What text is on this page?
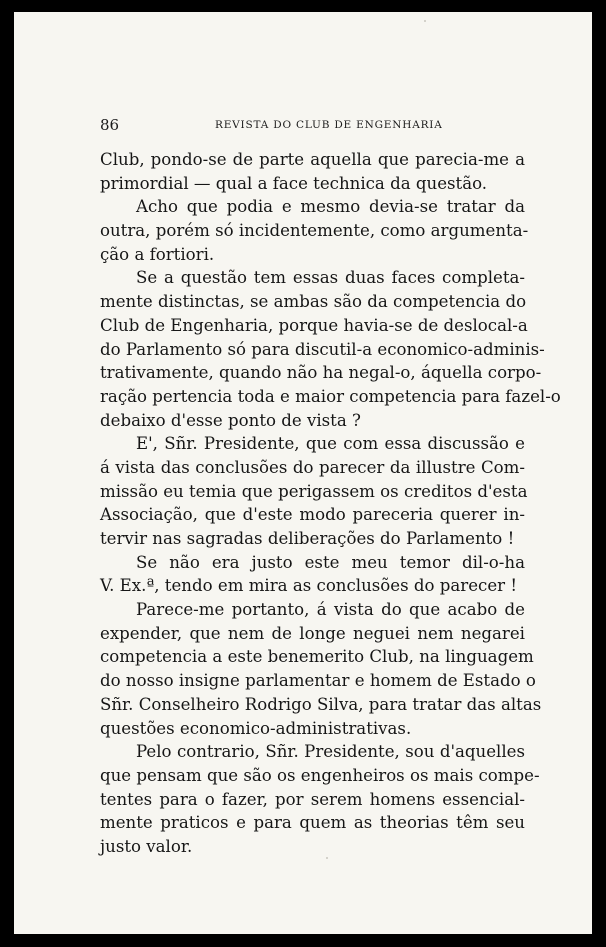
86	REVISTA DO CLUB DE ENGENHARIA
Club, pondo-se de parte aquella que parecia-me a
primordial — qual a face technica da questão.
Acho que podia e mesmo devia-se tratar da
outra, porém só incidentemente, como argumenta-
ção a fortiori.
Se a questão tem essas duas faces completa-
mente distinctas, se ambas são da competencia do
Club de Engenharia, porque havia-se de deslocal-a
do Parlamento só para discutil-a economico-adminis-
trativamente, quando não ha negal-o, áquella corpo-
ração pertencia toda e maior competencia para fazel-o
debaixo d'esse ponto de vista ?
E', Sñr. Presidente, que com essa discussão e
á vista das conclusões do parecer da illustre Com-
missão eu temia que perigassem os creditos d'esta
Associação, que d'este modo pareceria querer in-
tervir nas sagradas deliberações do Parlamento !
Se não era justo este meu temor dil-o-ha
V. Ex.ª, tendo em mira as conclusões do parecer !
Parece-me portanto, á vista do que acabo de
expender, que nem de longe neguei nem negarei
competencia a este benemerito Club, na linguagem
do nosso insigne parlamentar e homem de Estado o
Sñr. Conselheiro Rodrigo Silva, para tratar das altas
questões economico-administrativas.
Pelo contrario, Sñr. Presidente, sou d'aquelles
que pensam que são os engenheiros os mais compe-
tentes para o fazer, por serem homens essencial-
mente praticos e para quem as theorias têm seu
justo valor.
